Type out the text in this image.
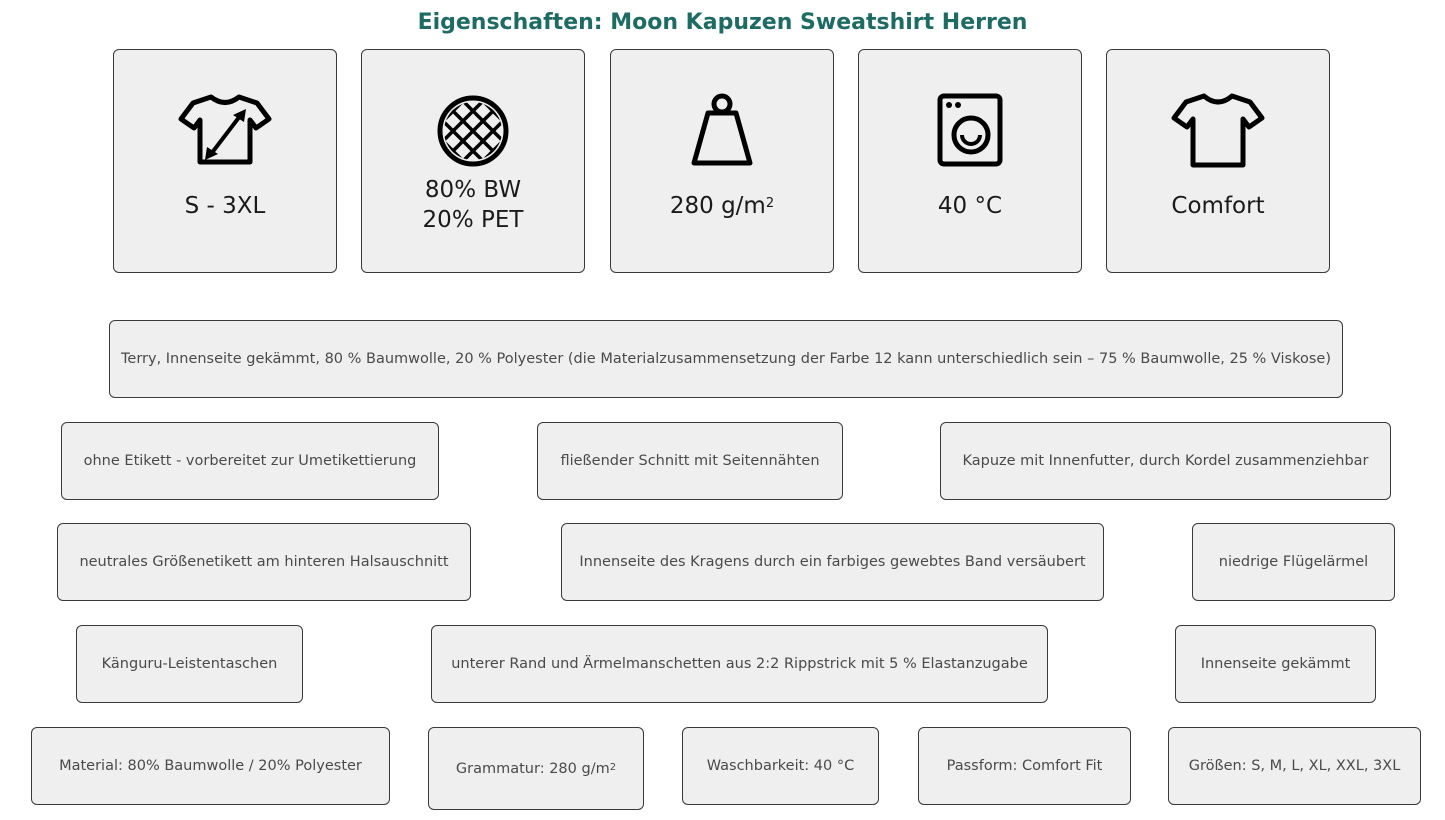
Eigenschaften: Moon Kapuzen Sweatshirt Herren
S - 3XL
80% BW
20% PET
280 $g/m^2$	40 °C	Comfort
Terry, Innenseite gekämmt, 80 % Baumwolle, 20 % Polyester (die Materialzusammensetzung der Farbe 12 kann unterschiedlich sein – 75 % Baumwolle, 25 % Viskose)
ohne Etikett - vorbereitet zur Umetikettierung	fließender Schnitt mit Seitennähten	Kapuze mit Innenfutter, durch Kordel zusammenziehbar
neutrales Größenetikett am hinteren Halsauschnitt	Innenseite des Kragens durch ein farbiges gewebtes Band versäubert	niedrige Flügelärmel
Känguru-Leistentaschen	unterer Rand und Ärmelmanschetten aus 2:2 Rippstrick mit 5 % Elastanzugabe	Innenseite gekämmt
Material: 80% Baumwolle / 20% Polyester	Grammatur: 280 $g/m^2$	Waschbarkeit: 40 °C	Passform: Comfort Fit	Größen: S, M, L, XL, XXL, 3XL
